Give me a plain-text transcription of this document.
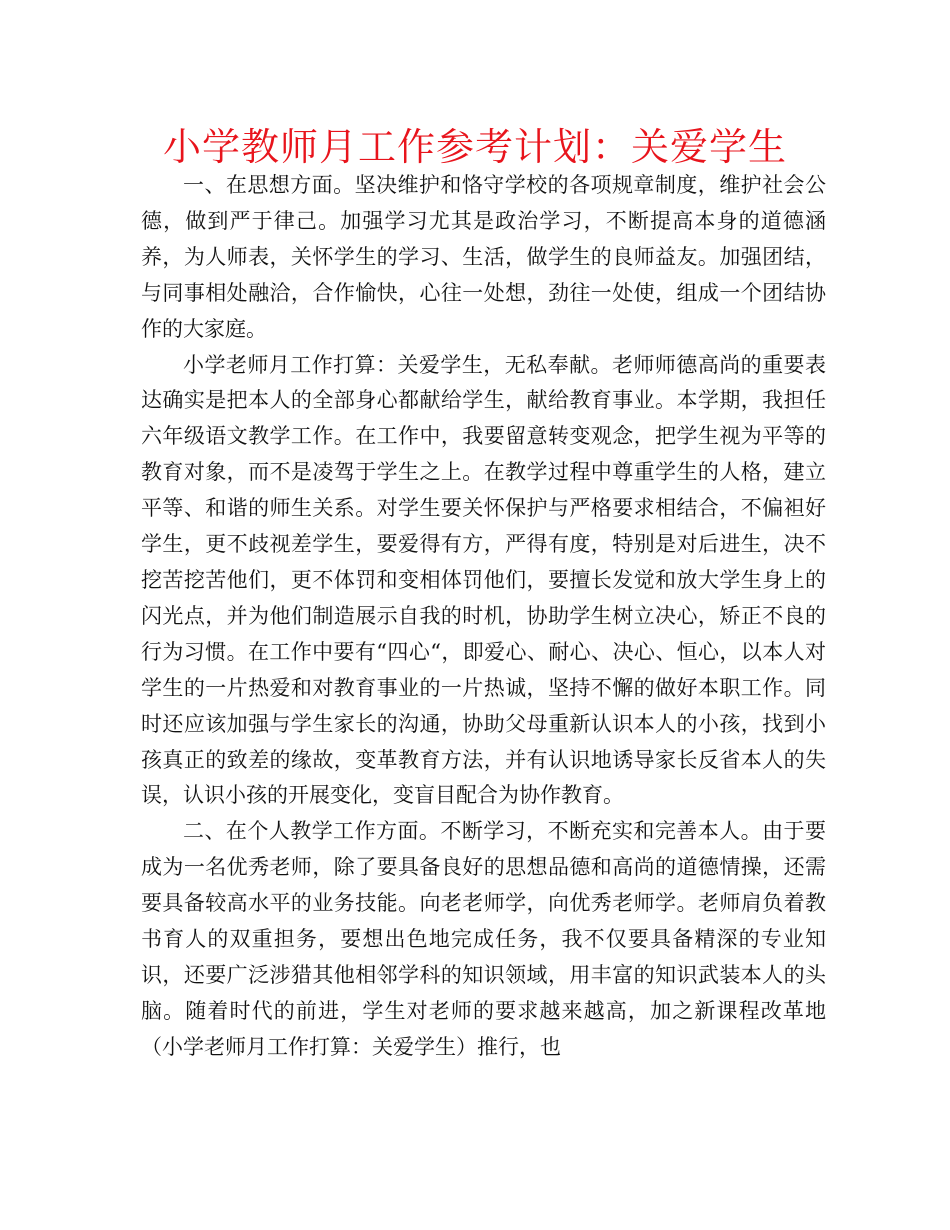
小学教师月工作参考计划：关爱学生

一、在思想方面。坚决维护和恪守学校的各项规章制度，维护社会公德，做到严于律己。加强学习尤其是政治学习，不断提高本身的道德涵养，为人师表，关怀学生的学习、生活，做学生的良师益友。加强团结，与同事相处融洽，合作愉快，心往一处想，劲往一处使，组成一个团结协作的大家庭。

小学老师月工作打算：关爱学生，无私奉献。老师师德高尚的重要表达确实是把本人的全部身心都献给学生，献给教育事业。本学期，我担任六年级语文教学工作。在工作中，我要留意转变观念，把学生视为平等的教育对象，而不是凌驾于学生之上。在教学过程中尊重学生的人格，建立平等、和谐的师生关系。对学生要关怀保护与严格要求相结合，不偏袒好学生，更不歧视差学生，要爱得有方，严得有度，特别是对后进生，决不挖苦挖苦他们，更不体罚和变相体罚他们，要擅长发觉和放大学生身上的闪光点，并为他们制造展示自我的时机，协助学生树立决心，矫正不良的行为习惯。在工作中要有“四心“，即爱心、耐心、决心、恒心，以本人对学生的一片热爱和对教育事业的一片热诚，坚持不懈的做好本职工作。同时还应该加强与学生家长的沟通，协助父母重新认识本人的小孩，找到小孩真正的致差的缘故，变革教育方法，并有认识地诱导家长反省本人的失误，认识小孩的开展变化，变盲目配合为协作教育。

二、在个人教学工作方面。不断学习，不断充实和完善本人。由于要成为一名优秀老师，除了要具备良好的思想品德和高尚的道德情操，还需要具备较高水平的业务技能。向老老师学，向优秀老师学。老师肩负着教书育人的双重担务，要想出色地完成任务，我不仅要具备精深的专业知识，还要广泛涉猎其他相邻学科的知识领域，用丰富的知识武装本人的头脑。随着时代的前进，学生对老师的要求越来越高，加之新课程改革地（小学老师月工作打算：关爱学生）推行，也
